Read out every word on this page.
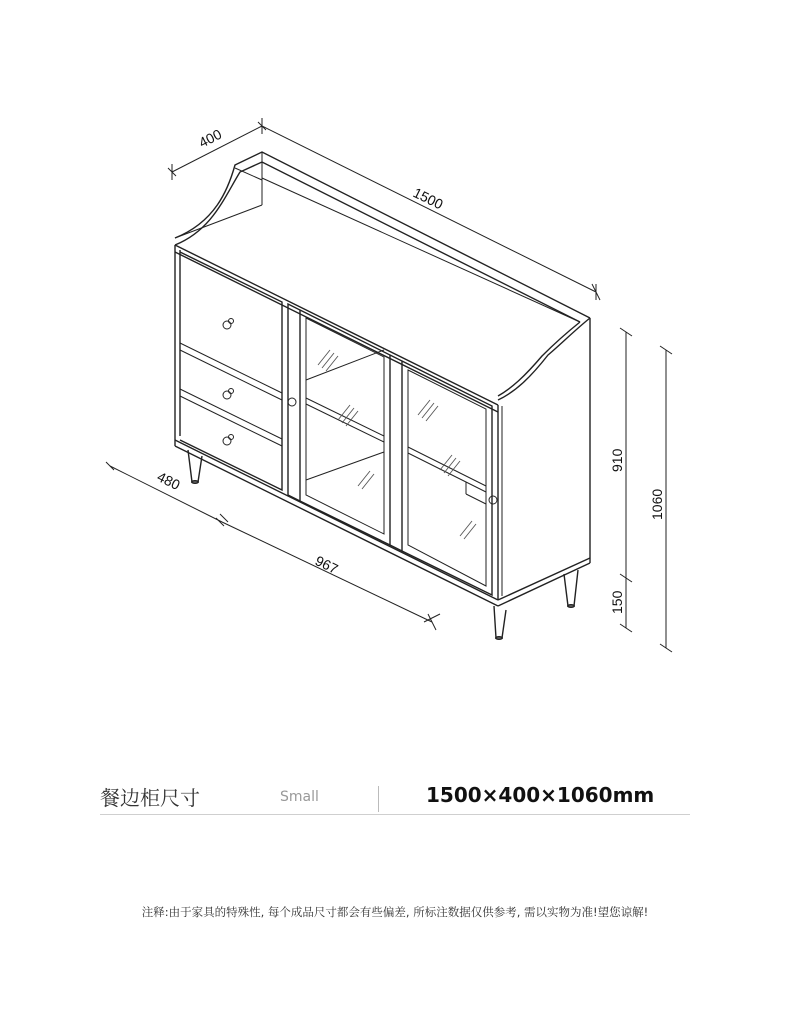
400
1500
480
967
910
1060
150
餐边柜尺寸	Small	1500×400×1060mm
注释:由于家具的特殊性, 每个成品尺寸都会有些偏差, 所标注数据仅供参考, 需以实物为准!望您谅解!
